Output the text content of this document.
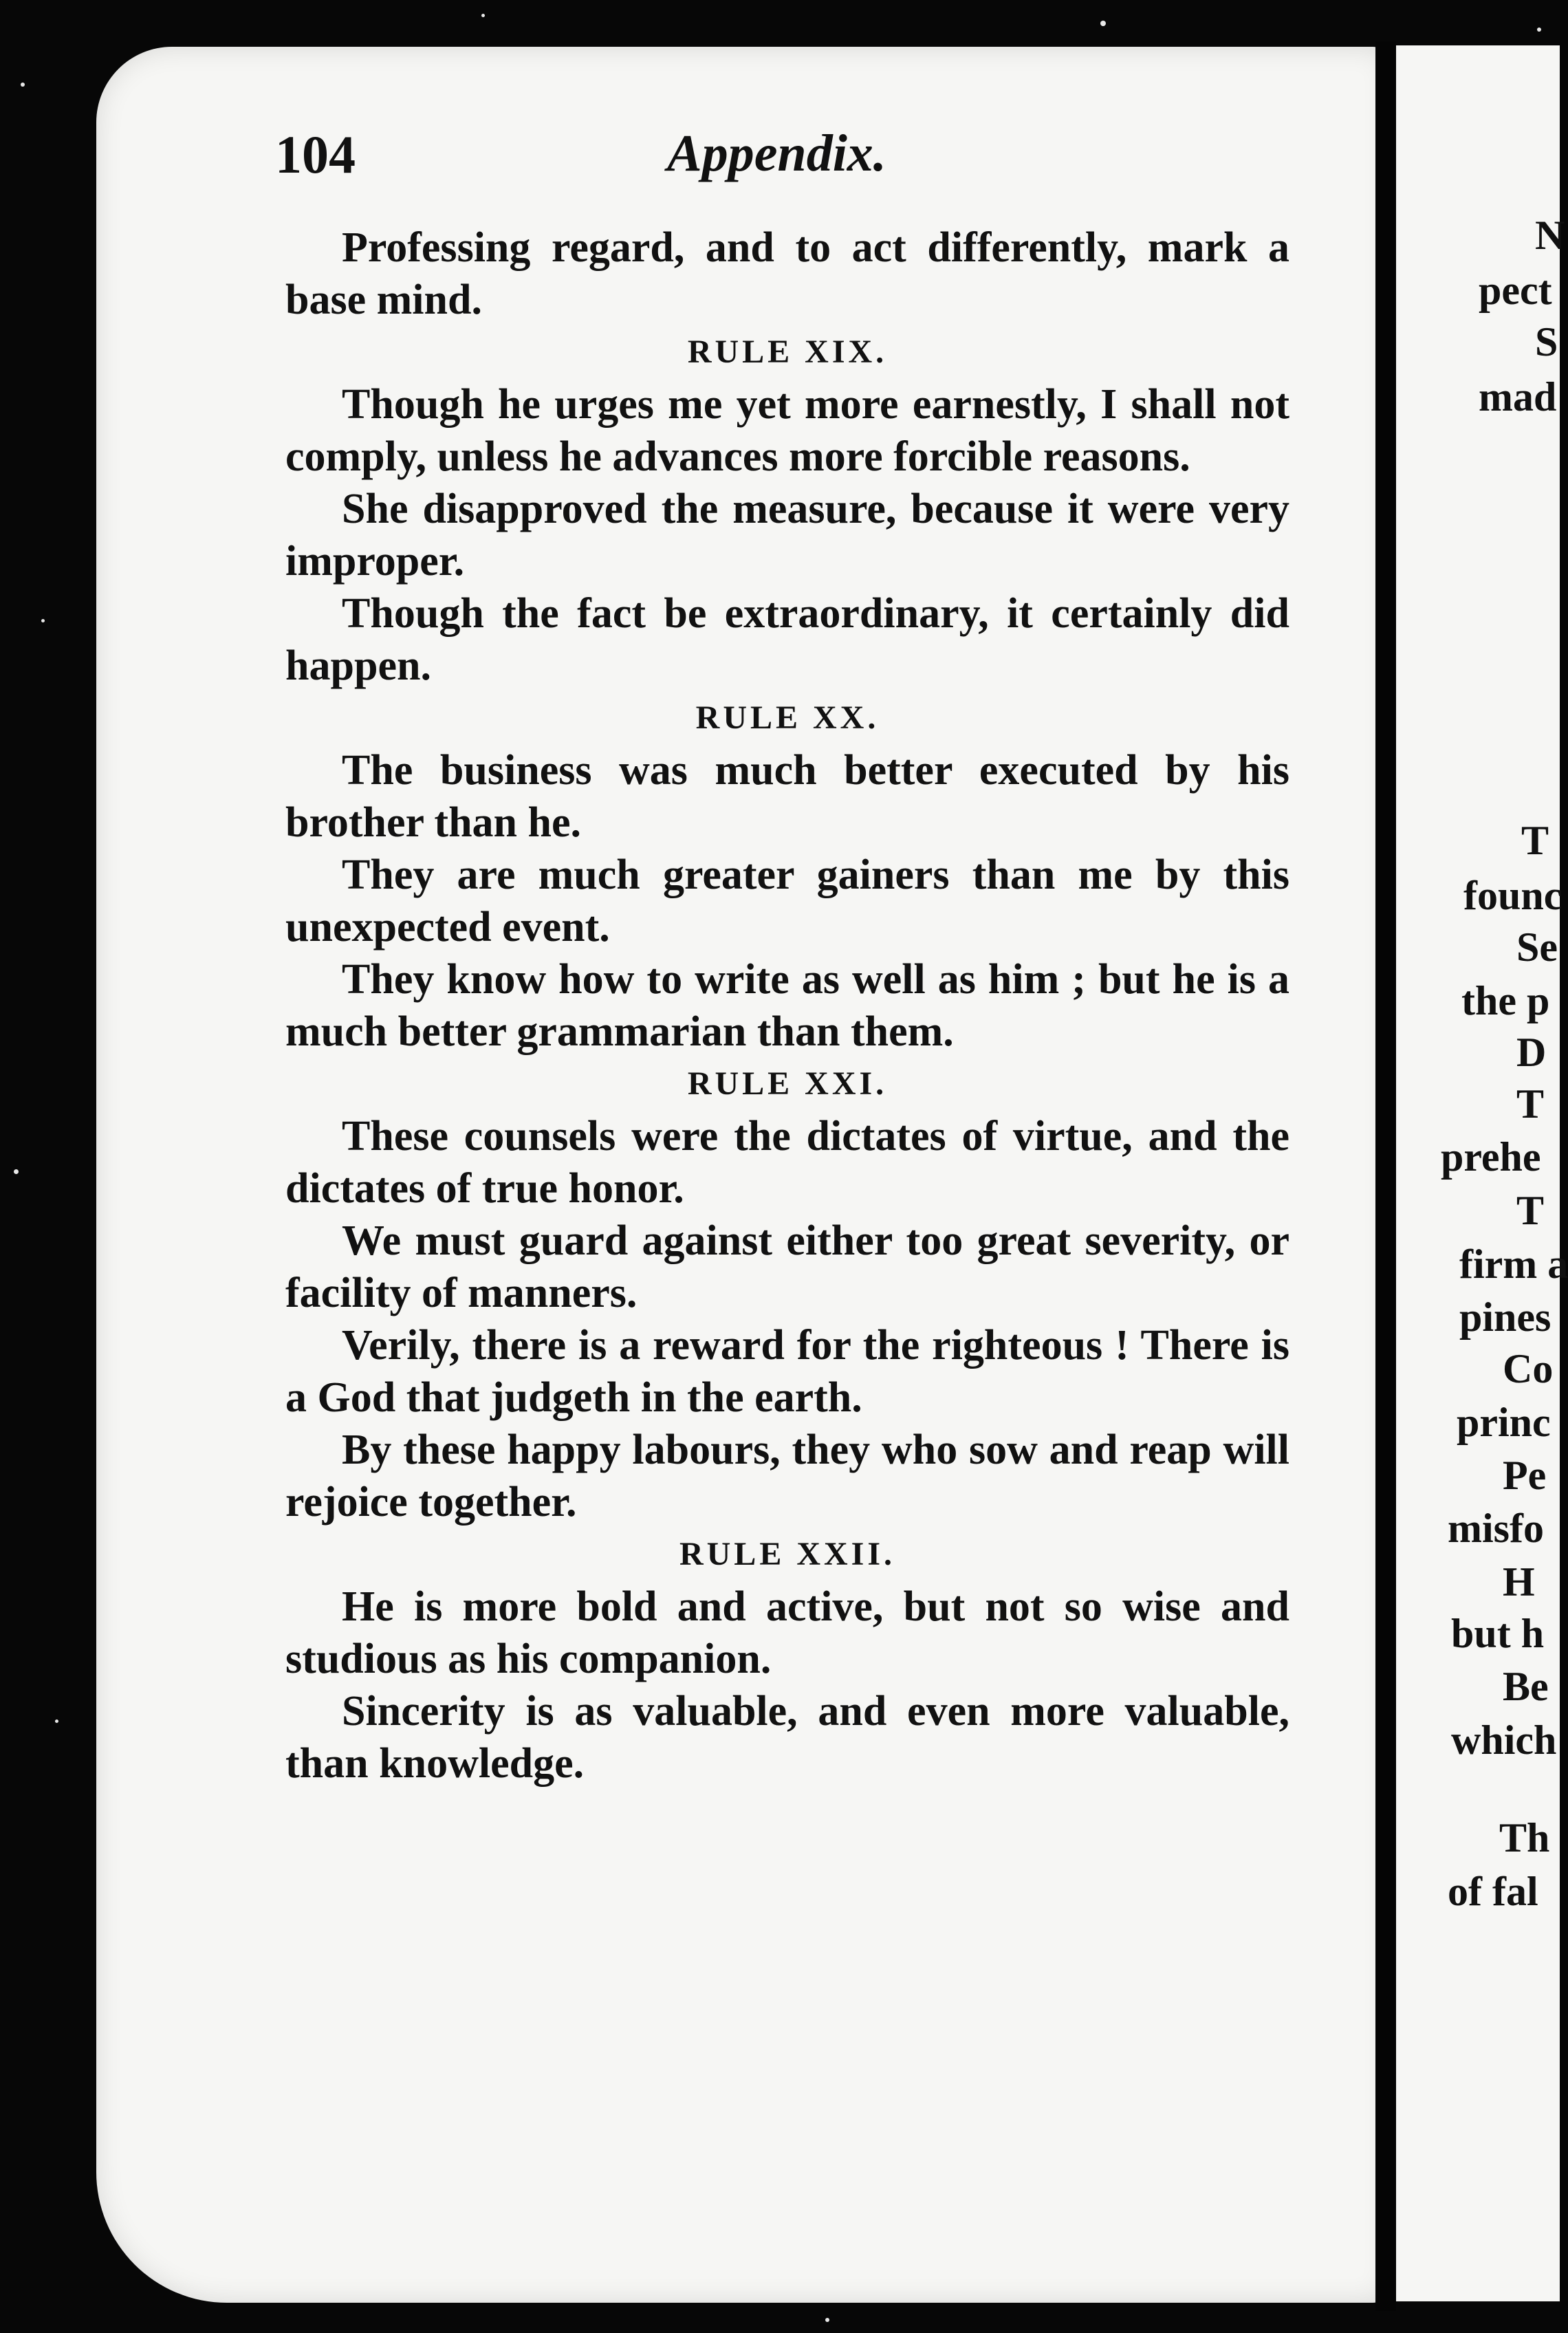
104	Appendix.

Professing regard, and to act differently, mark a base mind.

RULE XIX.

Though he urges me yet more earnestly, I shall not comply, unless he advances more forcible reasons.

She disapproved the measure, because it were very improper.

Though the fact be extraordinary, it certainly did happen.

RULE XX.

The business was much better executed by his brother than he.

They are much greater gainers than me by this unexpected event.

They know how to write as well as him ; but he is a much better grammarian than them.

RULE XXI.

These counsels were the dictates of virtue, and the dictates of true honor.

We must guard against either too great severity, or facility of manners.

Verily, there is a reward for the righteous ! There is a God that judgeth in the earth.

By these happy labours, they who sow and reap will rejoice together.

RULE XXII.

He is more bold and active, but not so wise and studious as his companion.

Sincerity is as valuable, and even more valuable, than knowledge.

N
pect
S
mad
T
founc
Se
the p
D
T
prehe
T
firm a
pines
Co
princ
Pe
misfo
H
but h
Be
which
Th
of fal
